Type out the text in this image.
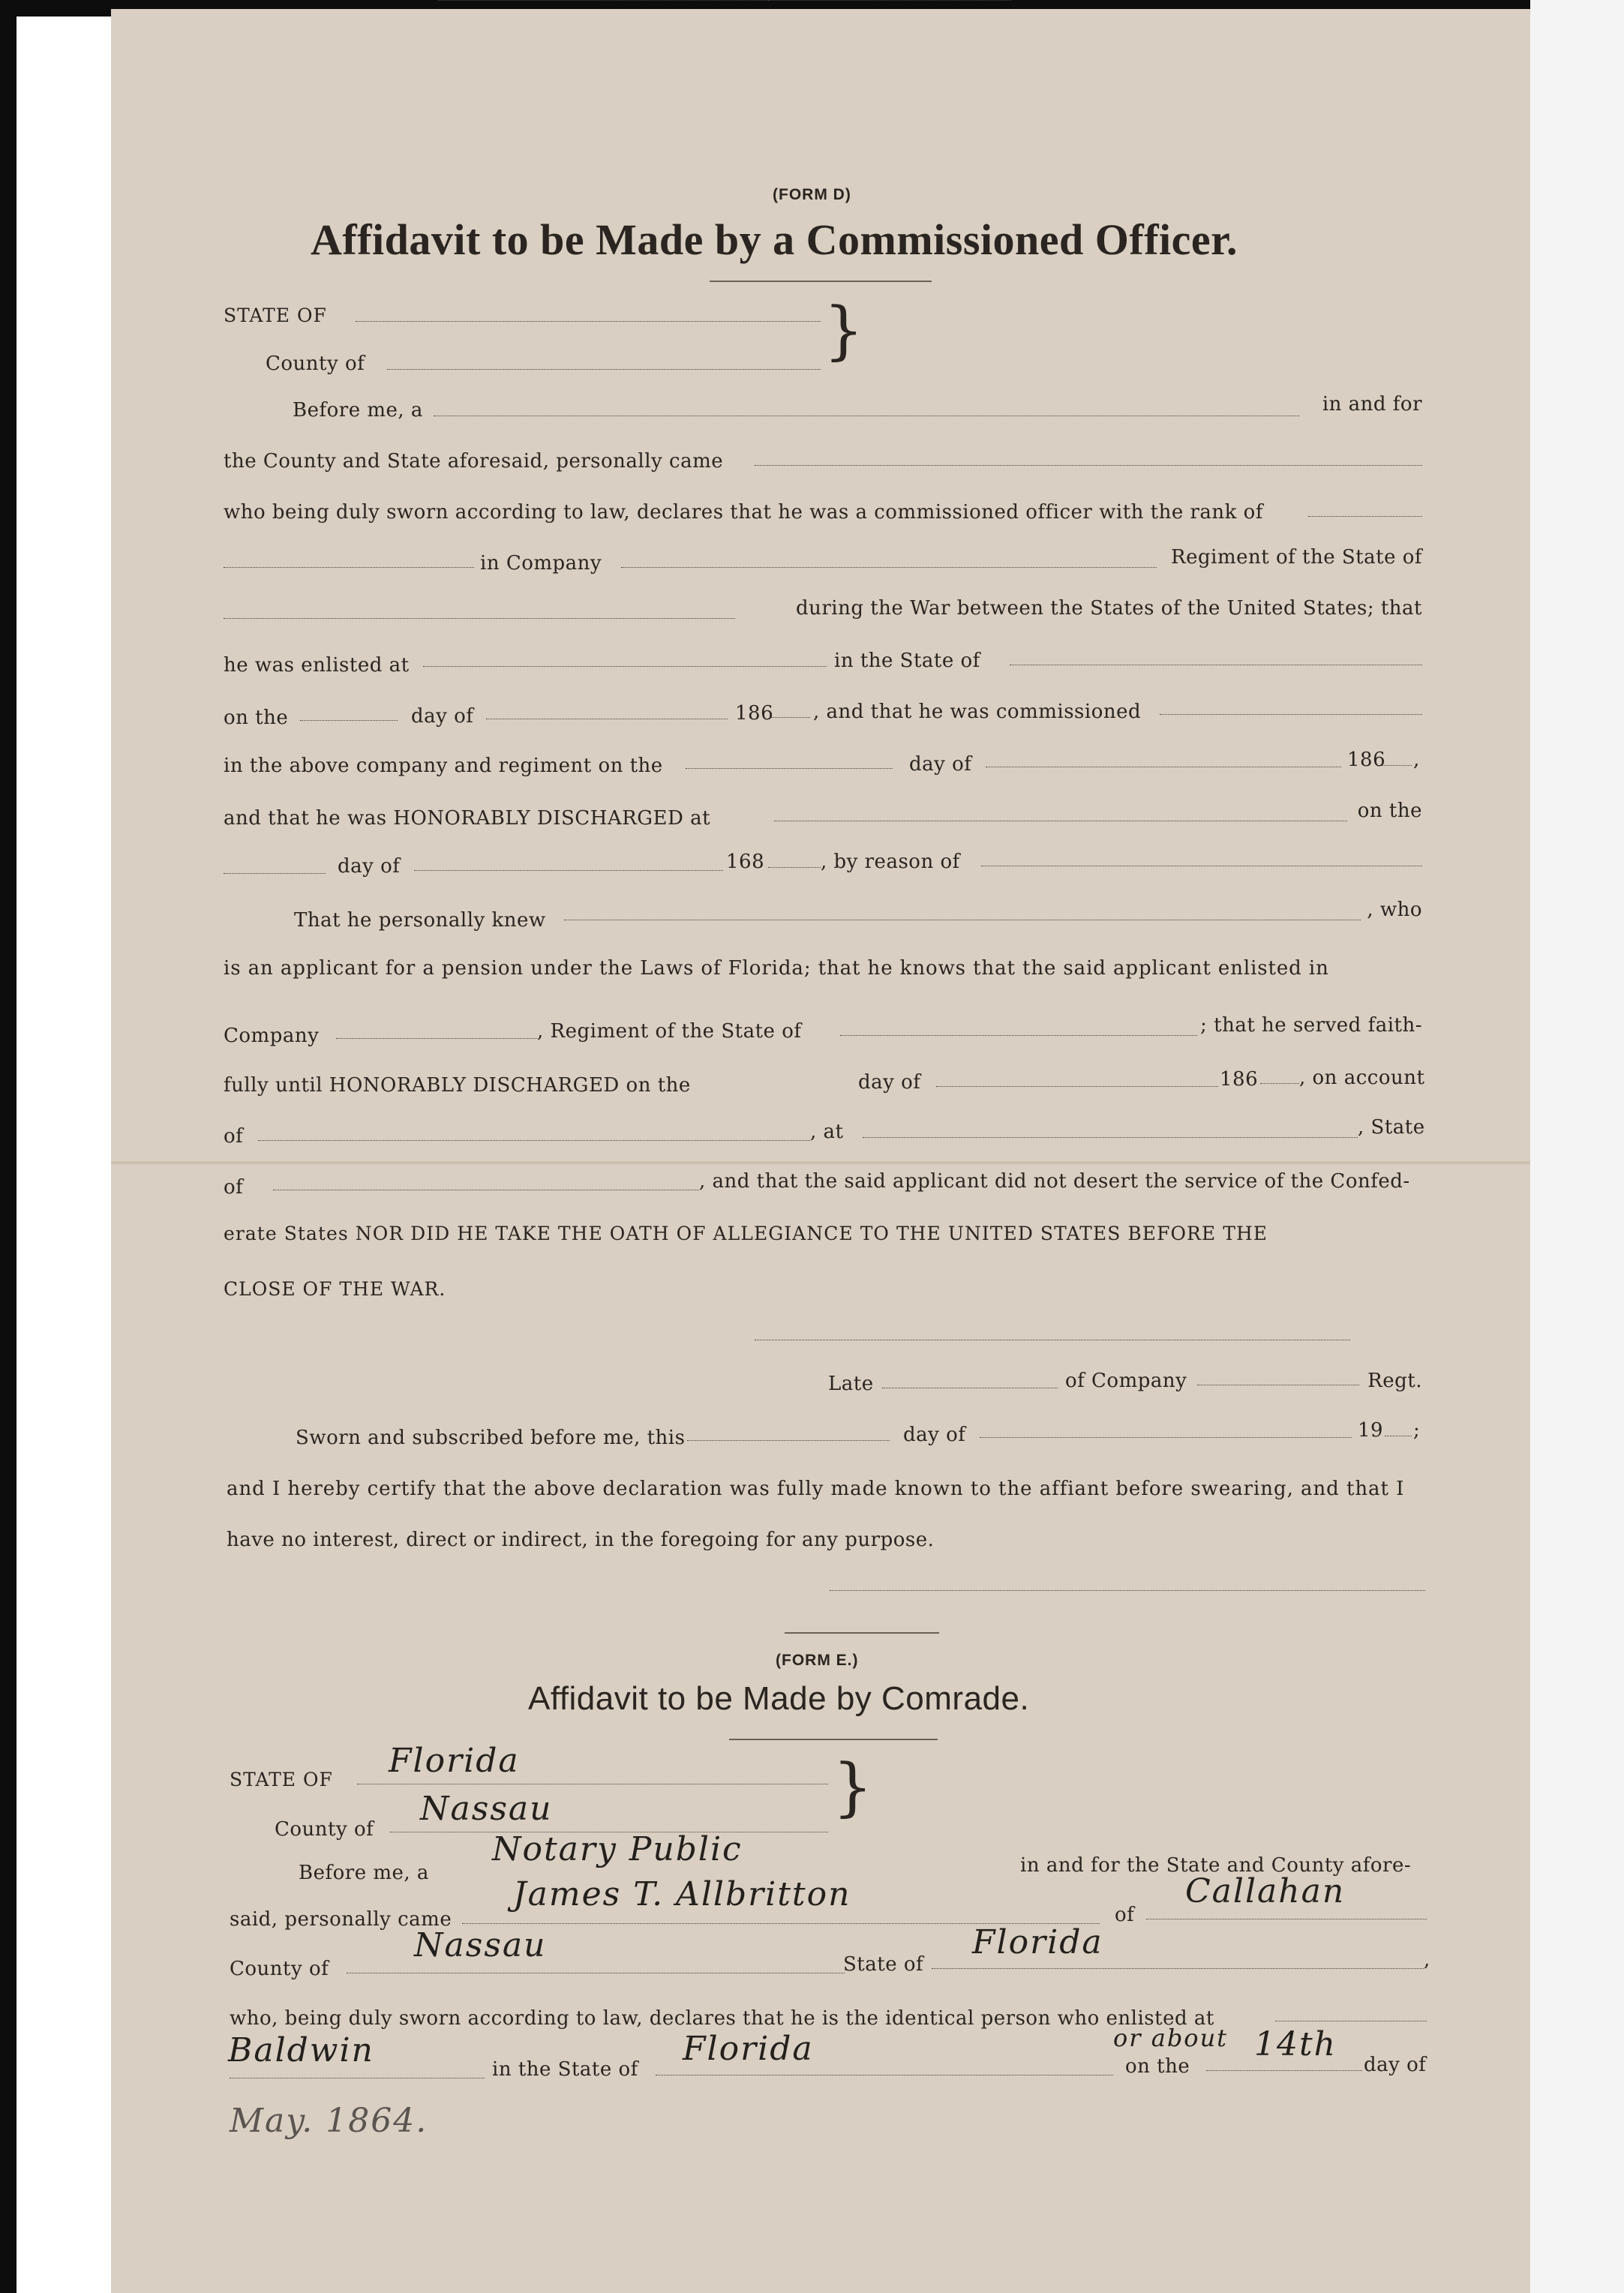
(FORM D)
Affidavit to be Made by a Commissioned Officer.
STATE OF
County of	}
Before me, a	in and for
the County and State aforesaid, personally came
who being duly sworn according to law, declares that he was a commissioned officer with the rank of
in Company	Regiment of the State of
during the War between the States of the United States; that
he was enlisted at	in the State of
on the	day of	186 , and that he was commissioned
in the above company and regiment on the	day of	186 ,
and that he was HONORABLY DISCHARGED at	on the
day of	168	, by reason of
That he personally knew	, who
is an applicant for a pension under the Laws of Florida; that he knows that the said applicant enlisted in
Company	, Regiment of the State of	; that he served faith-
fully until HONORABLY DISCHARGED on the	day of	186 , on account
of	, at	, State
of	, and that the said applicant did not desert the service of the Confed-
erate States NOR DID HE TAKE THE OATH OF ALLEGIANCE TO THE UNITED STATES BEFORE THE
CLOSE OF THE WAR.
Late	of Company	Regt.
Sworn and subscribed before me, this	day of	19 ;
and I hereby certify that the above declaration was fully made known to the affiant before swearing, and that I
have no interest, direct or indirect, in the foregoing for any purpose.
(FORM E.)
Affidavit to be Made by Comrade.
STATE OF Florida
County of
Nassau	}
Before me, a
Notary Public	in and for the State and County afore-
said, personally came
James T. Allbritton
of
Callahan
County of
Nassau	State of
Florida	,
who, being duly sworn according to law, declares that he is the identical person who enlisted at
Baldwin	in the State of
Florida	or about
on the
14th
day of
May. 1864.
